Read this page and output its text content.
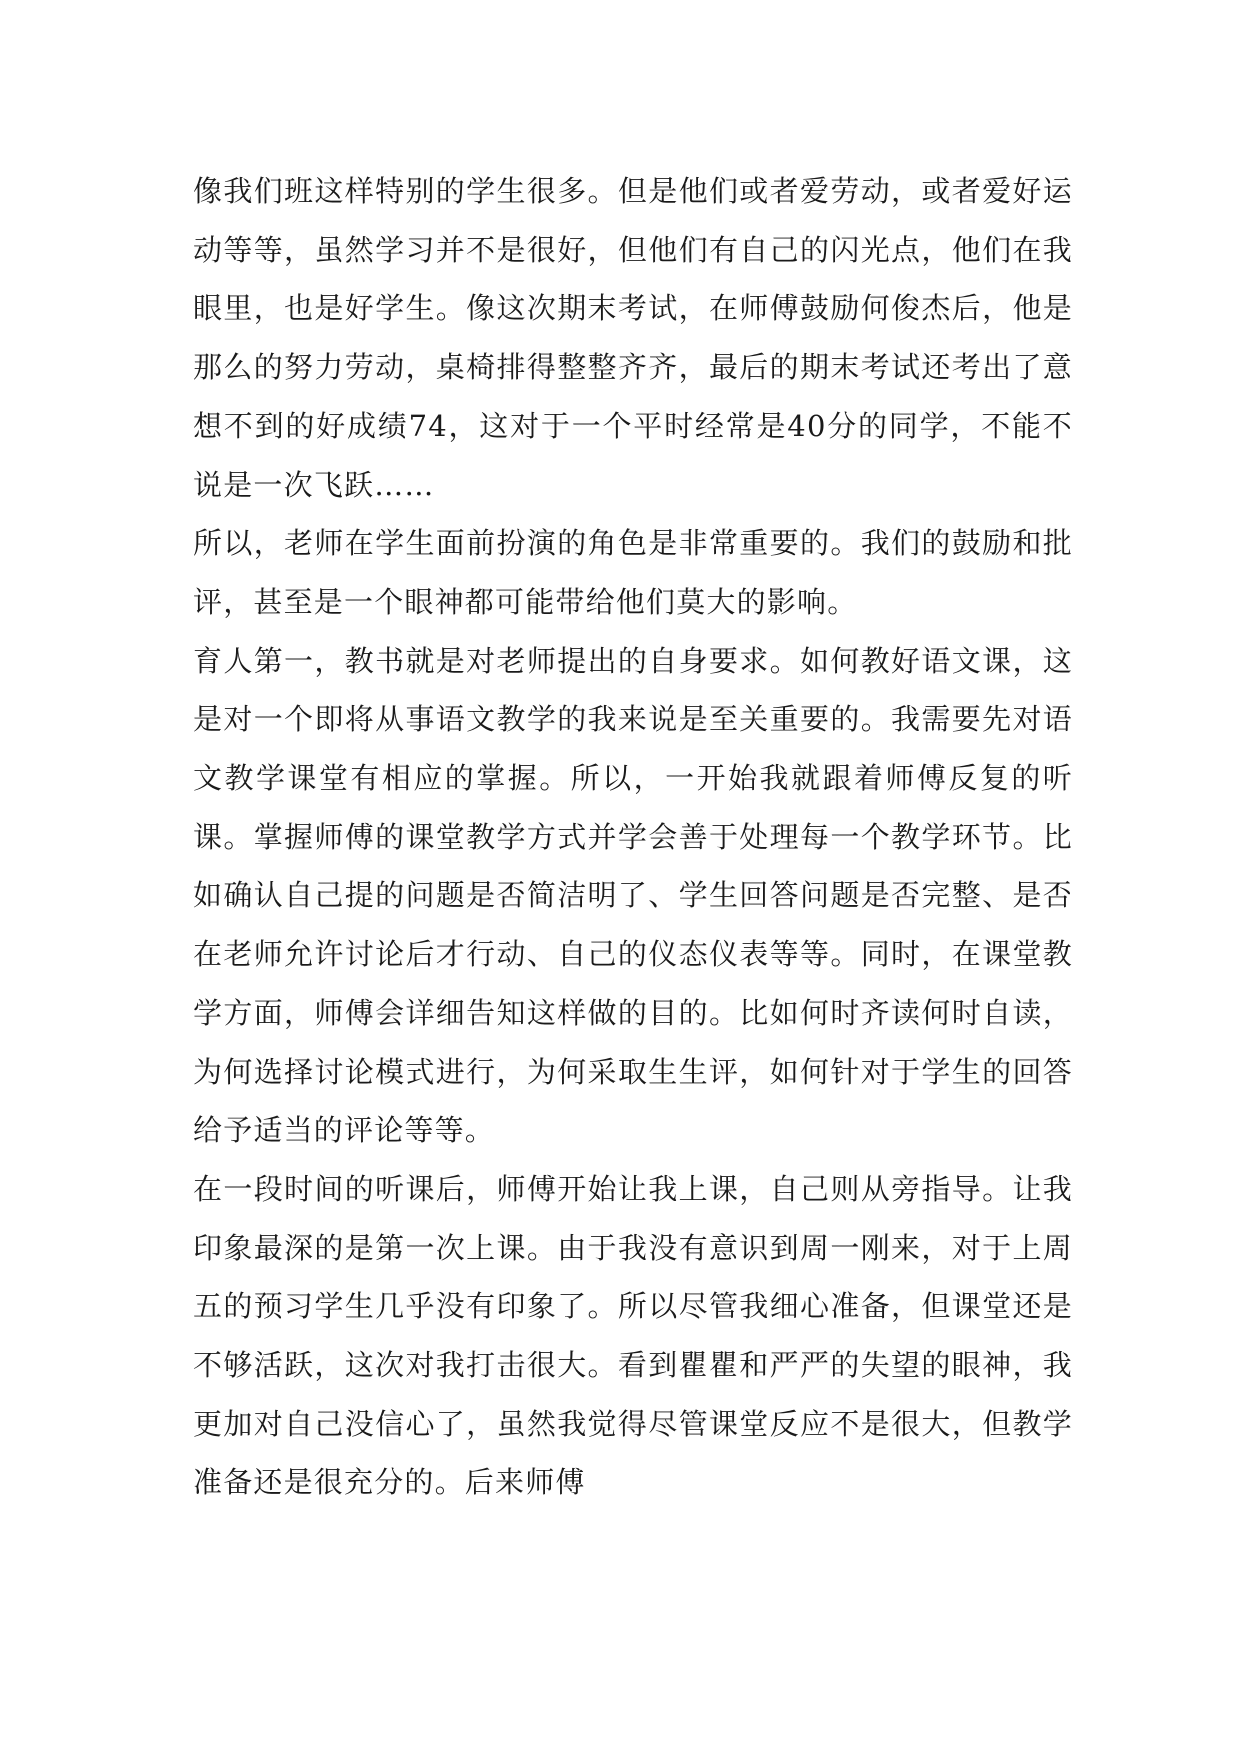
像我们班这样特别的学生很多。但是他们或者爱劳动，或者爱好运动等等，虽然学习并不是很好，但他们有自己的闪光点，他们在我眼里，也是好学生。像这次期末考试，在师傅鼓励何俊杰后，他是那么的努力劳动，桌椅排得整整齐齐，最后的期末考试还考出了意想不到的好成绩74，这对于一个平时经常是40分的同学，不能不说是一次飞跃……

所以，老师在学生面前扮演的角色是非常重要的。我们的鼓励和批评，甚至是一个眼神都可能带给他们莫大的影响。

育人第一，教书就是对老师提出的自身要求。如何教好语文课，这是对一个即将从事语文教学的我来说是至关重要的。我需要先对语文教学课堂有相应的掌握。所以，一开始我就跟着师傅反复的听课。掌握师傅的课堂教学方式并学会善于处理每一个教学环节。比如确认自己提的问题是否简洁明了、学生回答问题是否完整、是否在老师允许讨论后才行动、自己的仪态仪表等等。同时，在课堂教学方面，师傅会详细告知这样做的目的。比如何时齐读何时自读，为何选择讨论模式进行，为何采取生生评，如何针对于学生的回答给予适当的评论等等。

在一段时间的听课后，师傅开始让我上课，自己则从旁指导。让我印象最深的是第一次上课。由于我没有意识到周一刚来，对于上周五的预习学生几乎没有印象了。所以尽管我细心准备，但课堂还是不够活跃，这次对我打击很大。看到瞿瞿和严严的失望的眼神，我更加对自己没信心了，虽然我觉得尽管课堂反应不是很大，但教学准备还是很充分的。后来师傅
